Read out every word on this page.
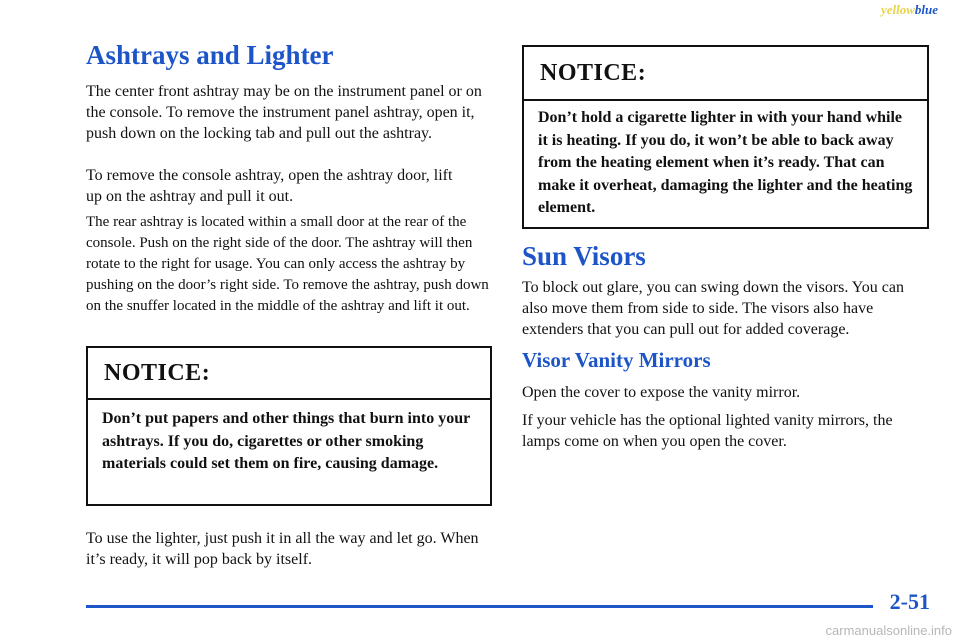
yellowblue
Ashtrays and Lighter

The center front ashtray may be on the instrument panel or on the console. To remove the instrument panel ashtray, open it, push down on the locking tab and pull out the ashtray.

To remove the console ashtray, open the ashtray door, lift up on the ashtray and pull it out.

The rear ashtray is located within a small door at the rear of the console. Push on the right side of the door. The ashtray will then rotate to the right for usage. You can only access the ashtray by pushing on the door’s right side. To remove the ashtray, push down on the snuffer located in the middle of the ashtray and lift it out.

NOTICE:
Don’t put papers and other things that burn into your ashtrays. If you do, cigarettes or other smoking materials could set them on fire, causing damage.

To use the lighter, just push it in all the way and let go. When it’s ready, it will pop back by itself.

NOTICE:
Don’t hold a cigarette lighter in with your hand while it is heating. If you do, it won’t be able to back away from the heating element when it’s ready. That can make it overheat, damaging the lighter and the heating element.
Sun Visors

To block out glare, you can swing down the visors. You can also move them from side to side. The visors also have extenders that you can pull out for added coverage.

Visor Vanity Mirrors

Open the cover to expose the vanity mirror.

If your vehicle has the optional lighted vanity mirrors, the lamps come on when you open the cover.

2-51
carmanualsonline.info
